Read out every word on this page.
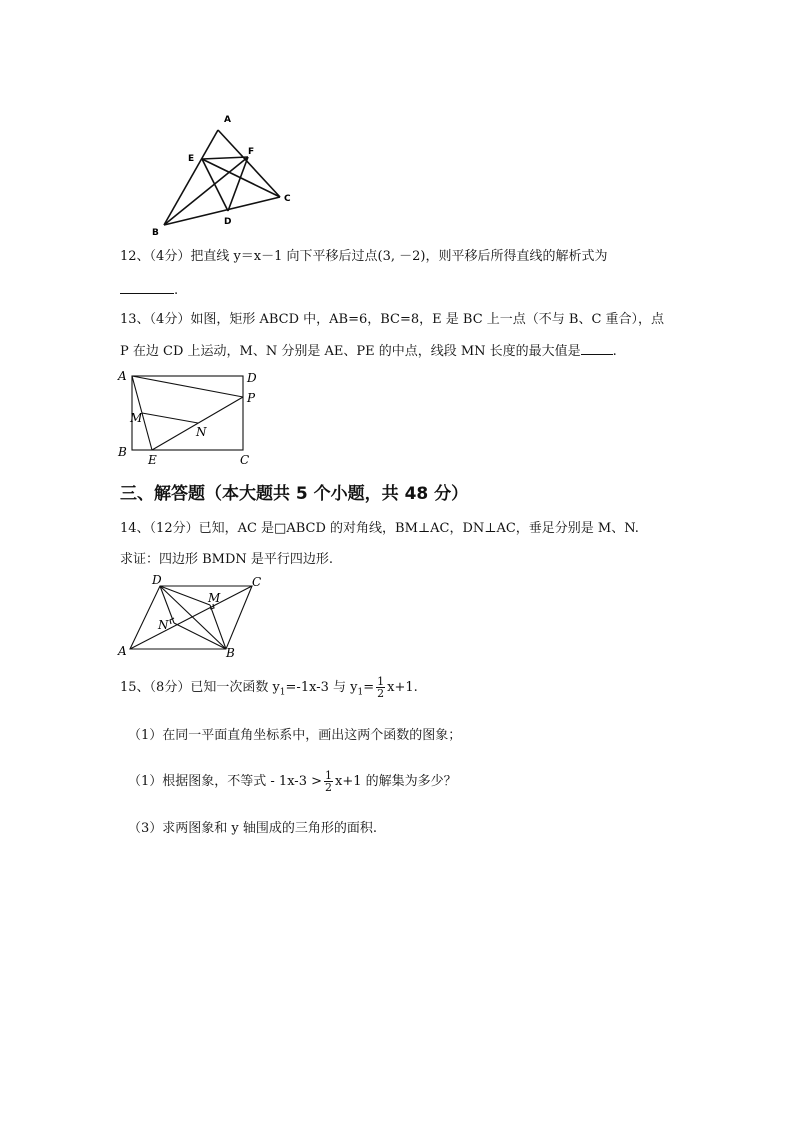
A
E
F
C
D
B
12、（4分）把直线 y＝x－1 向下平移后过点(3, －2)，则平移后所得直线的解析式为
.
13、（4分）如图，矩形 ABCD 中，AB=6，BC=8，E 是 BC 上一点（不与 B、C 重合），点
P 在边 CD 上运动，M、N 分别是 AE、PE 的中点，线段 MN 长度的最大值是 .
A	D
P
M
N
B
E	C
三、解答题（本大题共 5 个小题，共 48 分）
14、（12分）已知，AC 是□ABCD 的对角线，BM⊥AC，DN⊥AC，垂足分别是 M、N.
求证：四边形 BMDN 是平行四边形.
D	C
M
N
A	B
15、（8分）已知一次函数 $y_1=-1x-3$ 与 $y_1= \frac{1}{2} x+1$.
（1）在同一平面直角坐标系中，画出这两个函数的图象；
（1）根据图象，不等式 - $1x-3 > \frac{1}{2} x+1$ 的解集为多少？
（3）求两图象和 y 轴围成的三角形的面积.
